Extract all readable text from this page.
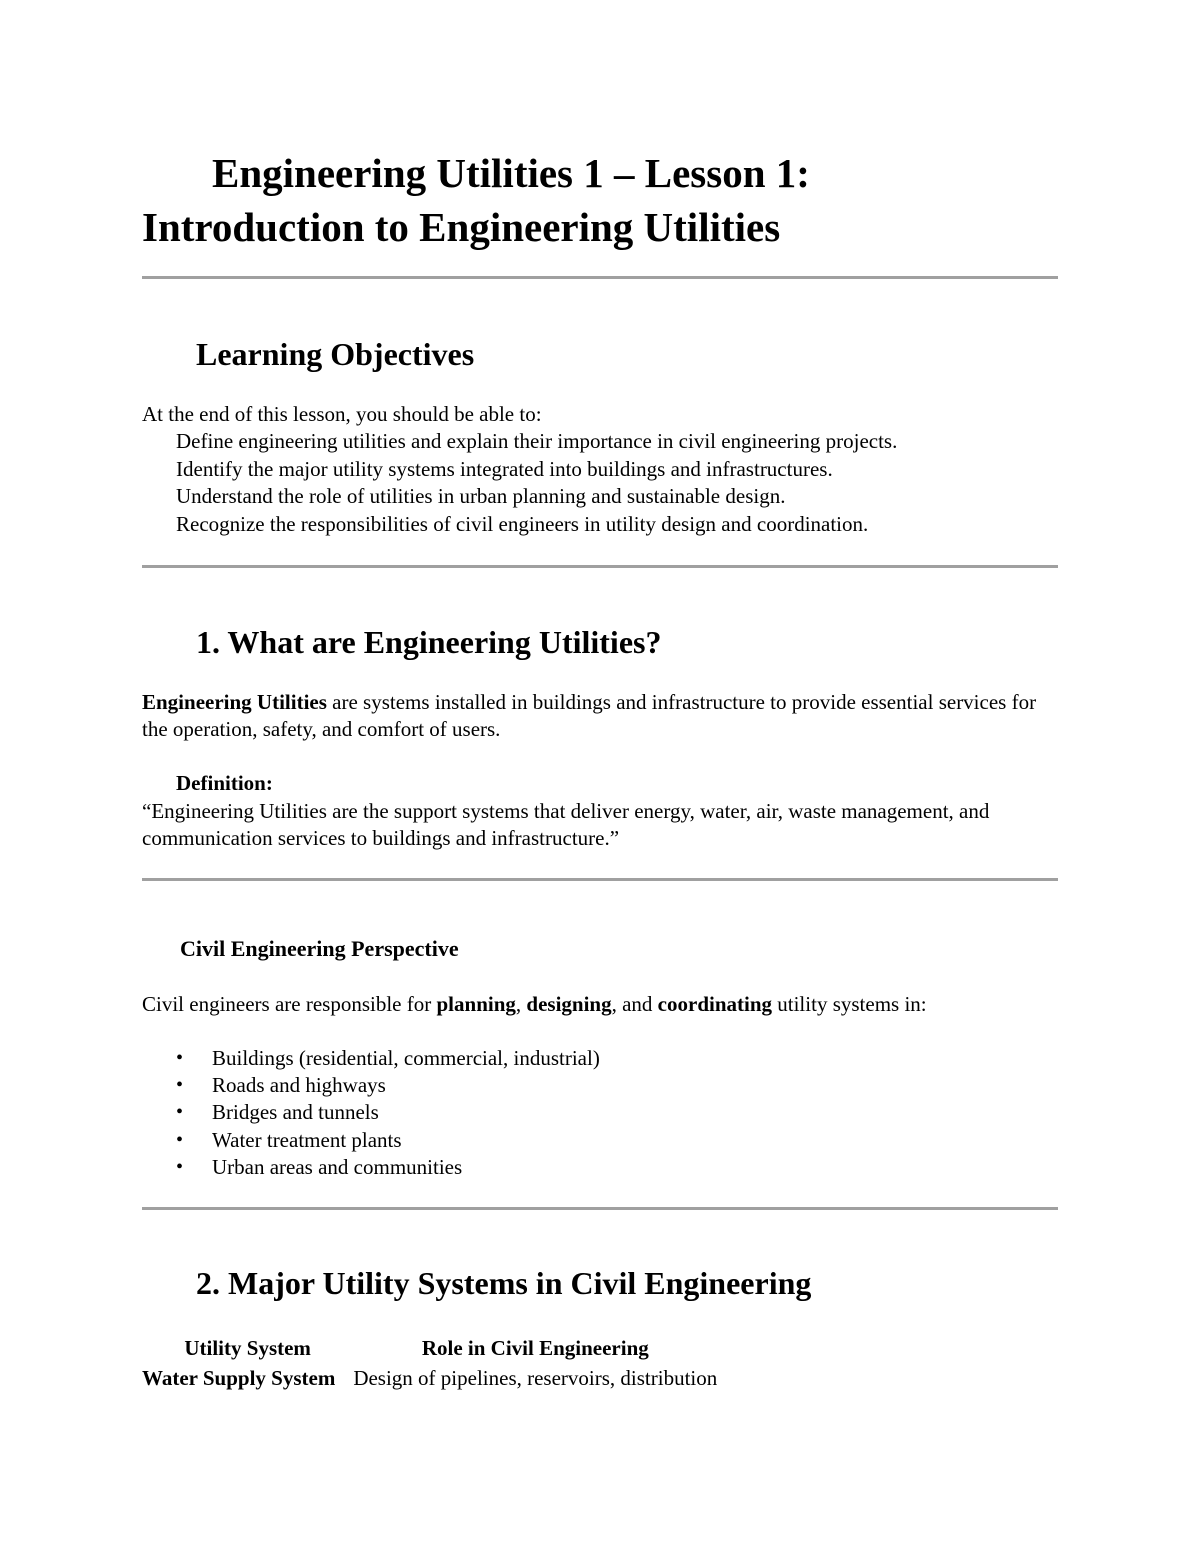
Engineering Utilities 1 – Lesson 1:
Introduction to Engineering Utilities
Learning Objectives

At the end of this lesson, you should be able to:

Define engineering utilities and explain their importance in civil engineering projects.
Identify the major utility systems integrated into buildings and infrastructures.
Understand the role of utilities in urban planning and sustainable design.
Recognize the responsibilities of civil engineers in utility design and coordination.
1. What are Engineering Utilities?

Engineering Utilities are systems installed in buildings and infrastructure to provide essential services for the operation, safety, and comfort of users.

Definition:

“Engineering Utilities are the support systems that deliver energy, water, air, waste management, and communication services to buildings and infrastructure.”

Civil Engineering Perspective

Civil engineers are responsible for planning, designing, and coordinating utility systems in:

• Buildings (residential, commercial, industrial)
• Roads and highways
• Bridges and tunnels
• Water treatment plants
• Urban areas and communities
2. Major Utility Systems in Civil Engineering
Utility System	Role in Civil Engineering
Water Supply System	Design of pipelines, reservoirs, distribution
